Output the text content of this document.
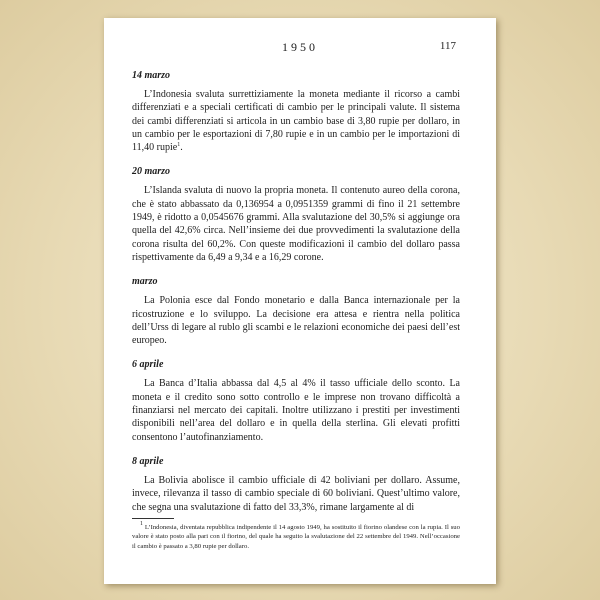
1950	117
14 marzo

L’Indonesia svaluta surrettiziamente la moneta mediante il ricorso a cambi differenziati e a speciali certificati di cambio per le principali valute. Il sistema dei cambi differenziati si articola in un cambio base di 3,80 rupie per dollaro, in un cambio per le esportazioni di 7,80 rupie e in un cambio per le importazioni di 11,40 rupie$^1$.

20 marzo

L’Islanda svaluta di nuovo la propria moneta. Il contenuto aureo della corona, che è stato abbassato da 0,136954 a 0,0951359 grammi di fino il 21 settembre 1949, è ridotto a 0,0545676 grammi. Alla svalutazione del 30,5% si aggiunge ora quella del 42,6% circa. Nell’insieme dei due provvedimenti la svalutazione della corona risulta del 60,2%. Con queste modificazioni il cambio del dollaro passa rispettivamente da 6,49 a 9,34 e a 16,29 corone.

marzo

La Polonia esce dal Fondo monetario e dalla Banca internazionale per la ricostruzione e lo sviluppo. La decisione era attesa e rientra nella politica dell’Urss di legare al rublo gli scambi e le relazioni economiche dei paesi dell’est europeo.

6 aprile

La Banca d’Italia abbassa dal 4,5 al 4% il tasso ufficiale dello sconto. La moneta e il credito sono sotto controllo e le imprese non trovano difficoltà a finanziarsi nel mercato dei capitali. Inoltre utilizzano i prestiti per investimenti disponibili nell’area del dollaro e in quella della sterlina. Gli elevati profitti consentono l’autofinanziamento.

8 aprile

La Bolivia abolisce il cambio ufficiale di 42 boliviani per dollaro. Assume, invece, rilevanza il tasso di cambio speciale di 60 boliviani. Quest’ultimo valore, che segna una svalutazione di fatto del 33,3%, rimane largamente al di

$^1$ L’Indonesia, diventata repubblica indipendente il 14 agosto 1949, ha sostituito il fiorino olandese con la rupia. Il suo valore è stato posto alla pari con il fiorino, del quale ha seguito la svalutazione del 22 settembre del 1949. Nell’occasione il cambio è passato a 3,80 rupie per dollaro.
